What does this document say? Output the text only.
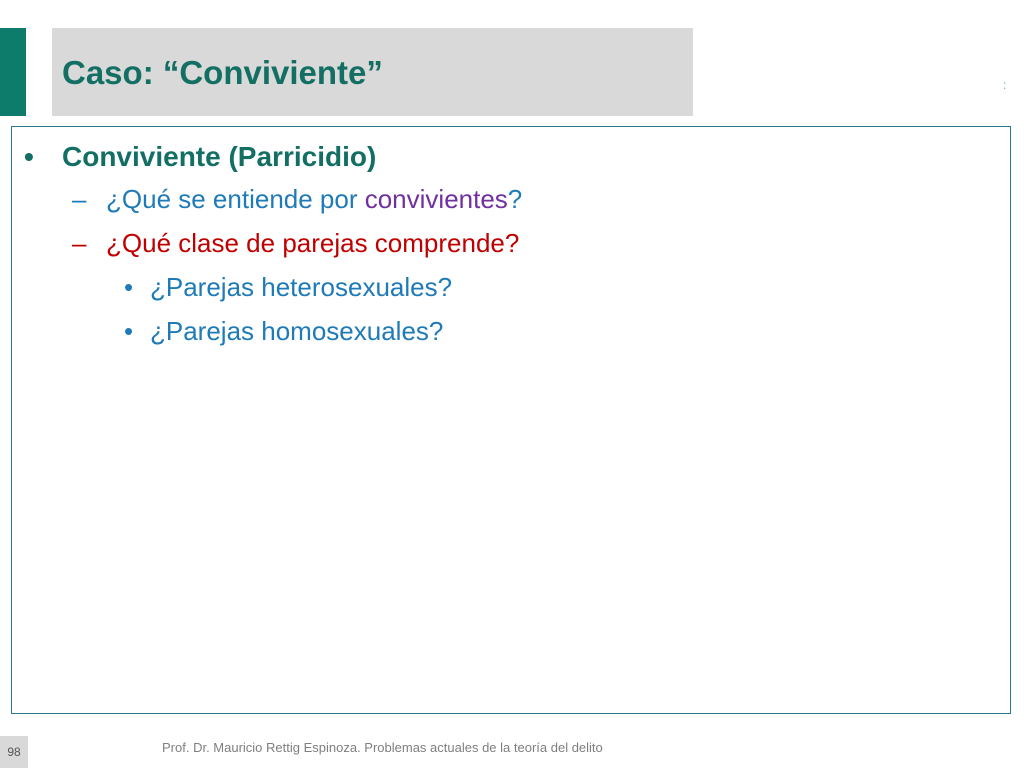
Caso: “Conviviente”	:
• Conviviente (Parricidio)
– ¿Qué se entiende por convivientes?
– ¿Qué clase de parejas comprende?
• ¿Parejas heterosexuales?
• ¿Parejas homosexuales?
98	Prof. Dr. Mauricio Rettig Espinoza. Problemas actuales de la teoría del delito
